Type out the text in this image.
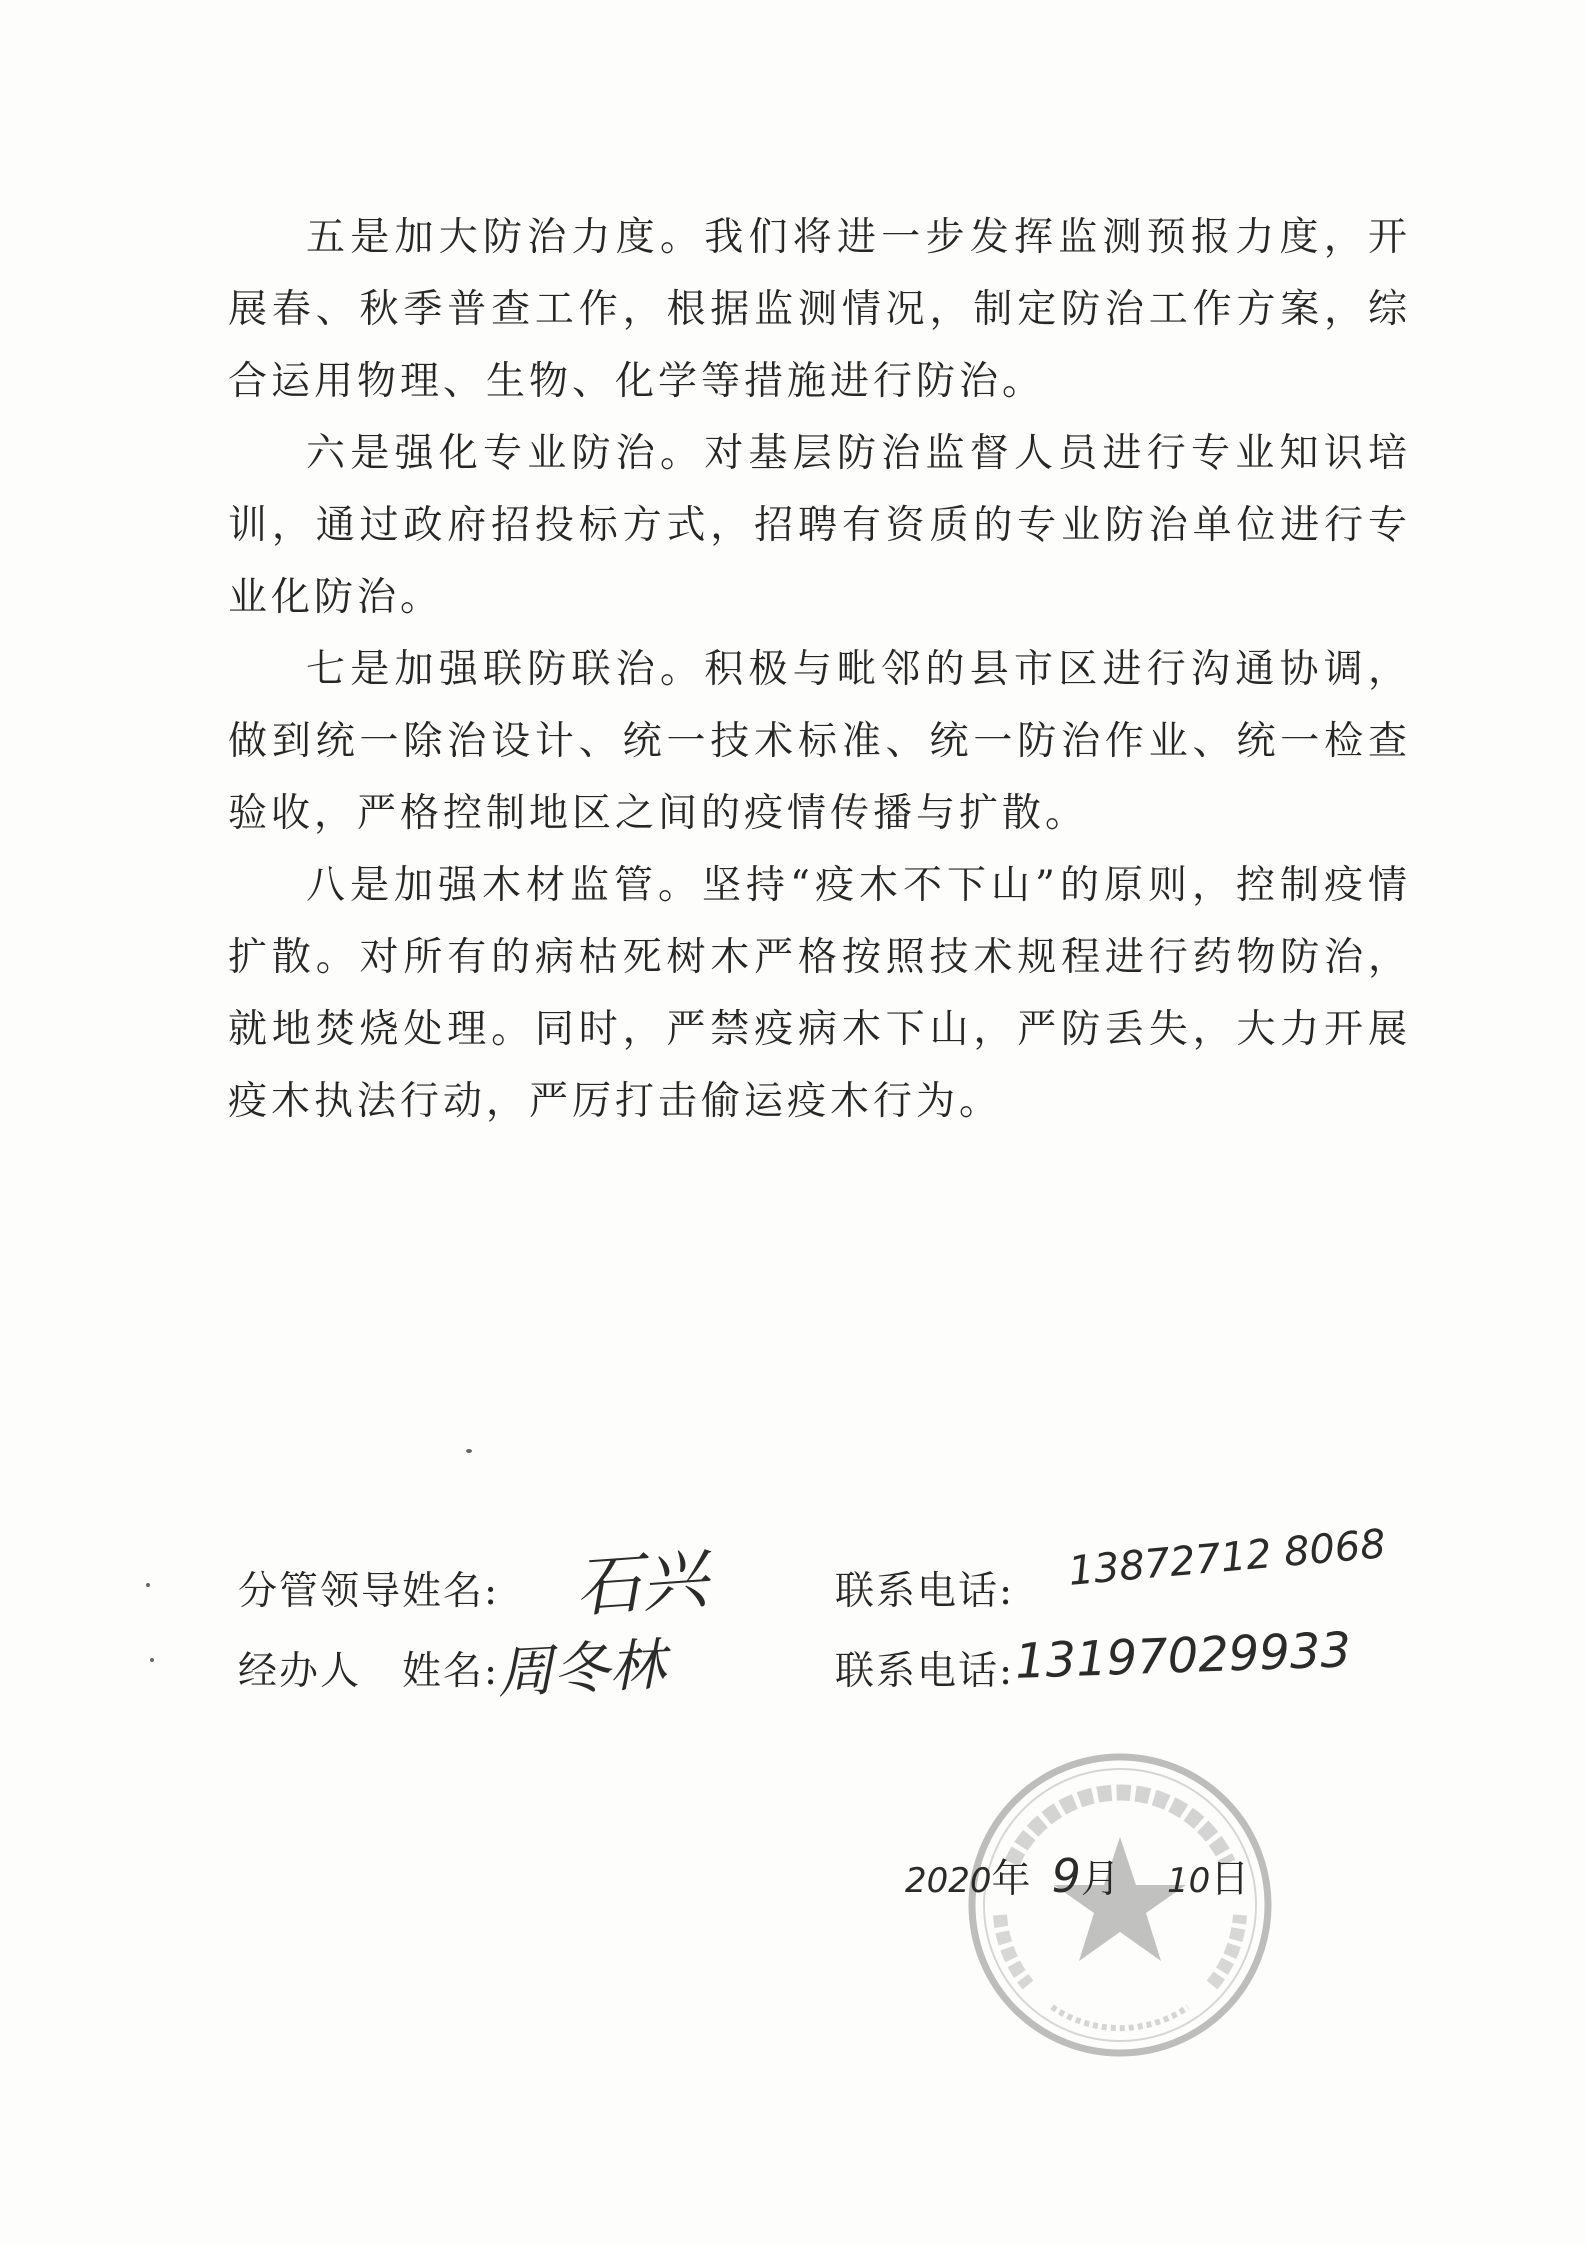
五是加大防治力度。我们将进一步发挥监测预报力度，开展春、秋季普查工作，根据监测情况，制定防治工作方案，综合运用物理、生物、化学等措施进行防治。

六是强化专业防治。对基层防治监督人员进行专业知识培训，通过政府招投标方式，招聘有资质的专业防治单位进行专业化防治。

七是加强联防联治。积极与毗邻的县市区进行沟通协调，做到统一除治设计、统一技术标准、统一防治作业、统一检查验收，严格控制地区之间的疫情传播与扩散。

八是加强木材监管。坚持“疫木不下山”的原则，控制疫情扩散。对所有的病枯死树木严格按照技术规程进行药物防治，就地焚烧处理。同时，严禁疫病木下山，严防丢失，大力开展疫木执法行动，严厉打击偷运疫木行为。

分管领导姓名: 石兴	联系电话: 13872712 8068
经办人　姓名:
周冬林	联系电话: 13197029933
2020年 9月 10日
